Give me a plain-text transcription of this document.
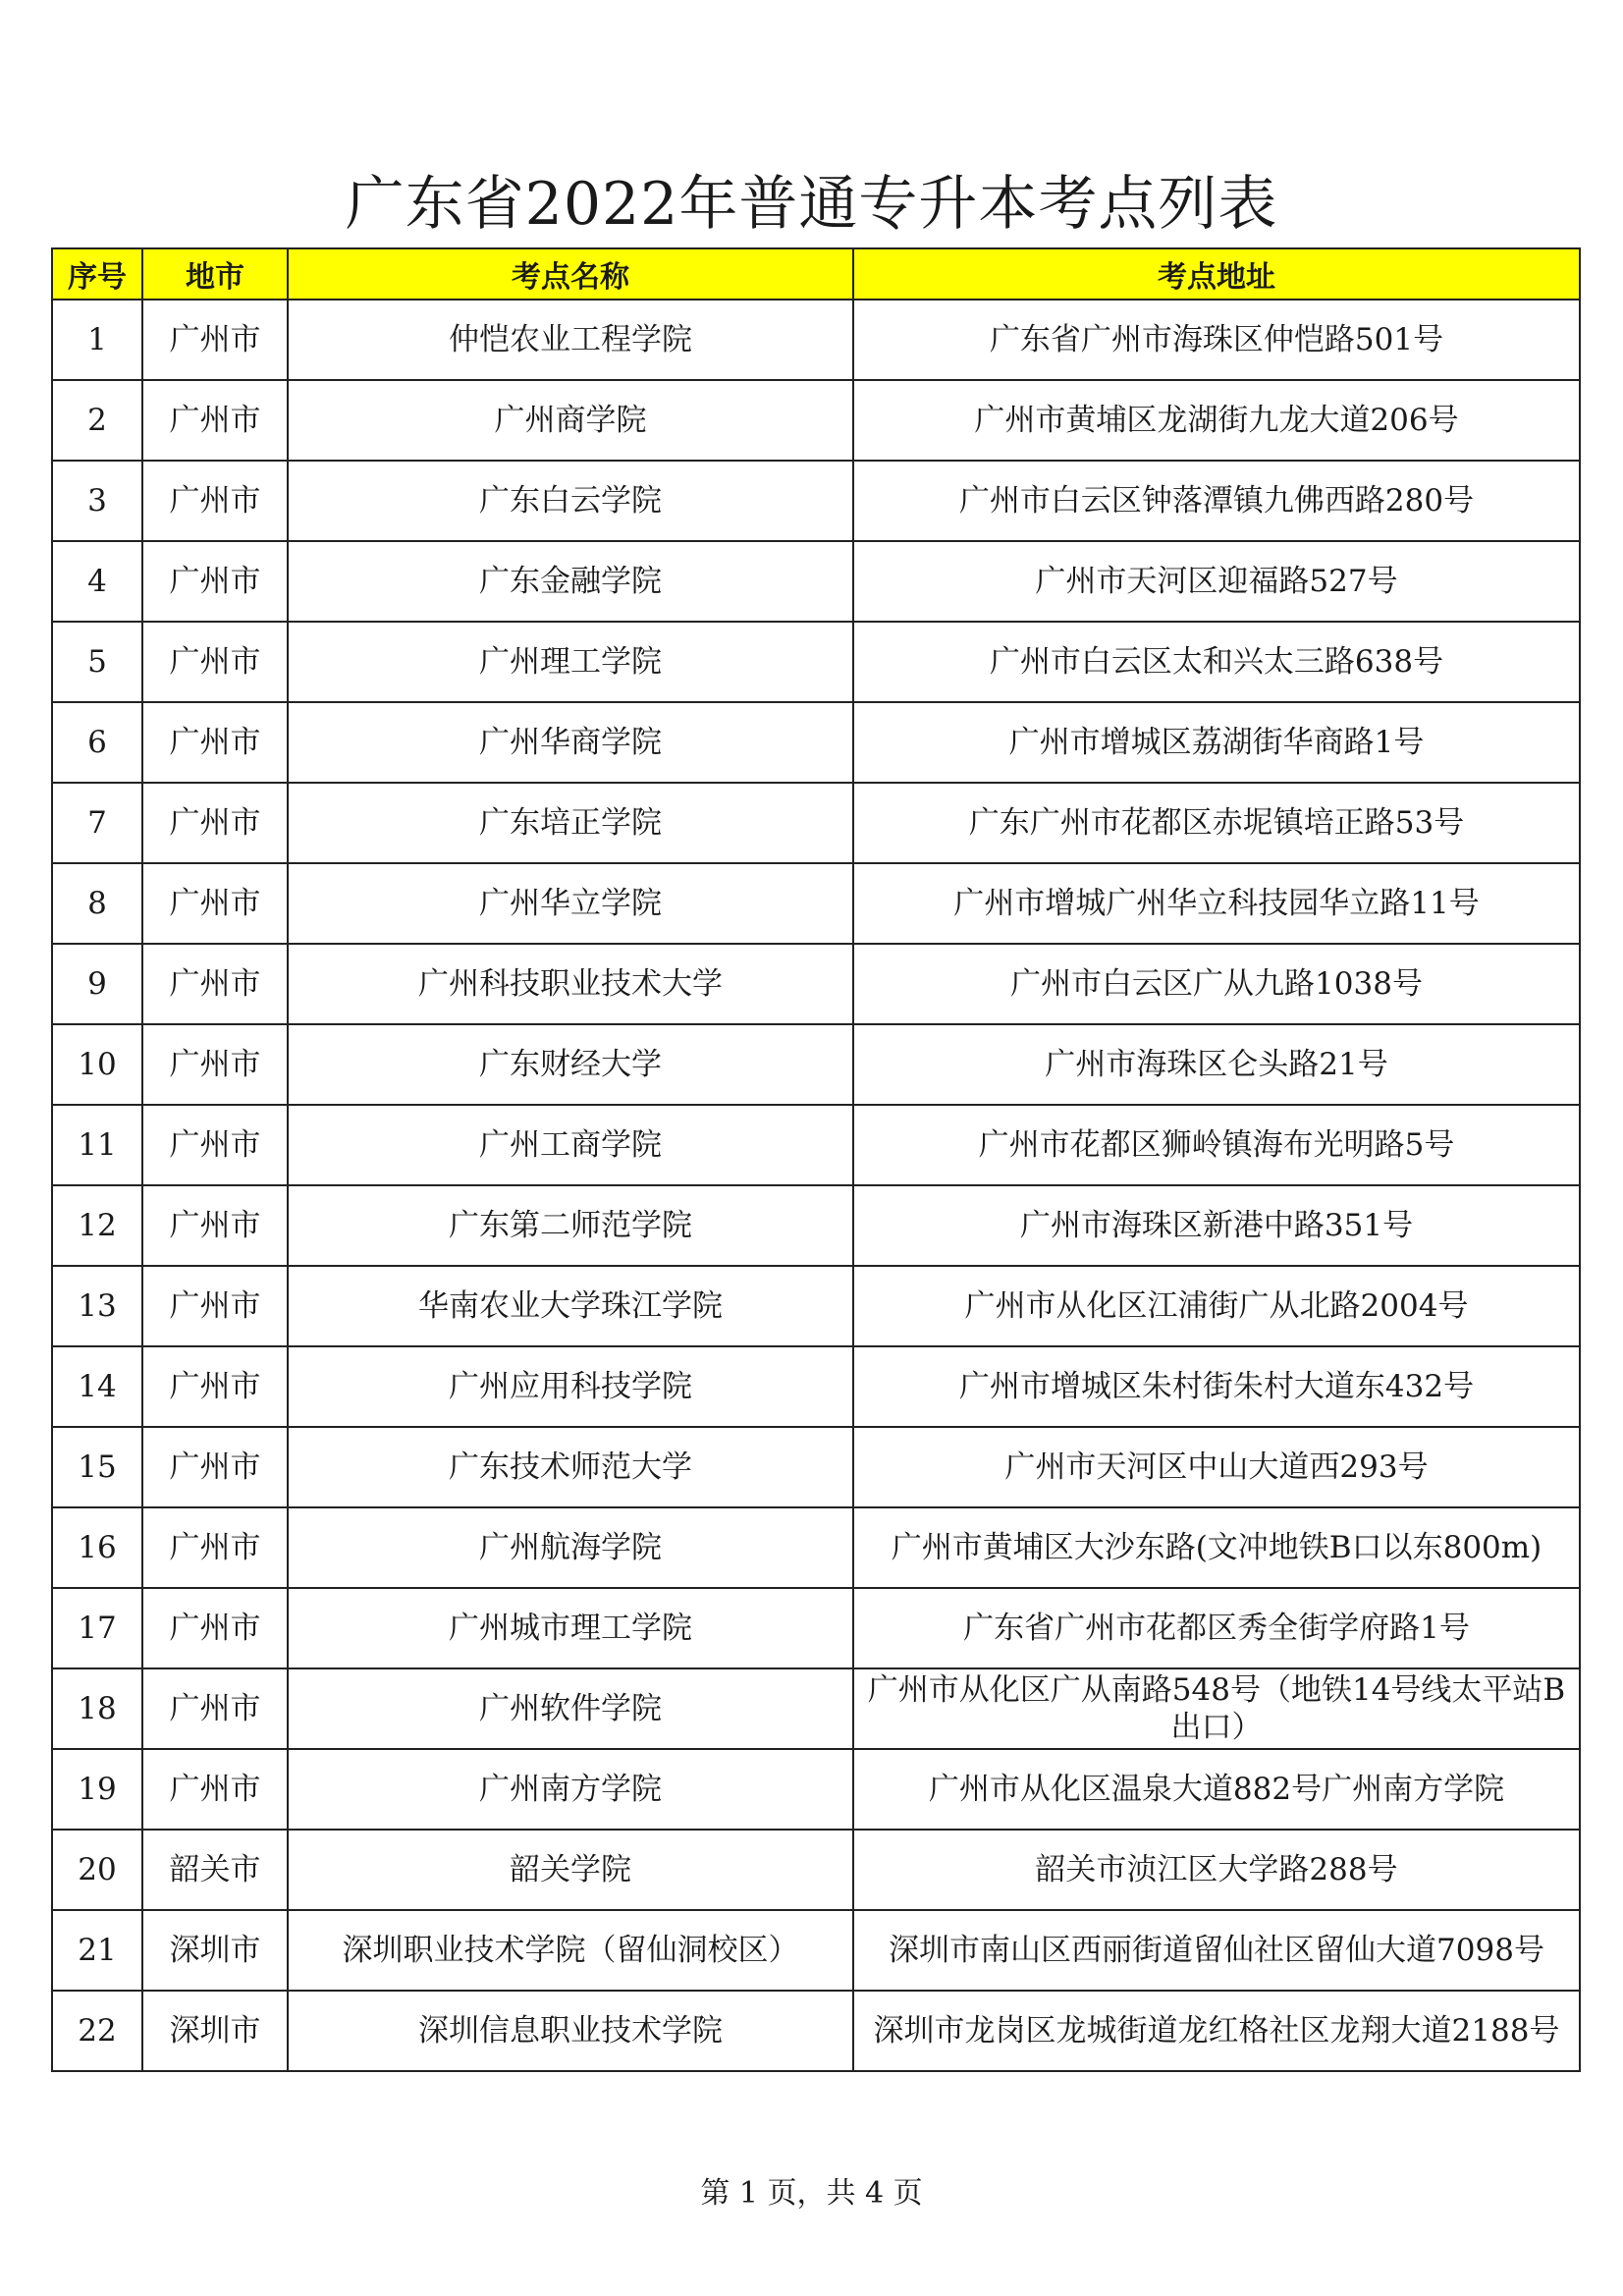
广东省2022年普通专升本考点列表
序号	地市	考点名称	考点地址
1	广州市	仲恺农业工程学院	广东省广州市海珠区仲恺路501号
2	广州市	广州商学院	广州市黄埔区龙湖街九龙大道206号
3	广州市	广东白云学院	广州市白云区钟落潭镇九佛西路280号
4	广州市	广东金融学院	广州市天河区迎福路527号
5	广州市	广州理工学院	广州市白云区太和兴太三路638号
6	广州市	广州华商学院	广州市增城区荔湖街华商路1号
7	广州市	广东培正学院	广东广州市花都区赤坭镇培正路53号
8	广州市	广州华立学院	广州市增城广州华立科技园华立路11号
9	广州市	广州科技职业技术大学	广州市白云区广从九路1038号
10	广州市	广东财经大学	广州市海珠区仑头路21号
11	广州市	广州工商学院	广州市花都区狮岭镇海布光明路5号
12	广州市	广东第二师范学院	广州市海珠区新港中路351号
13	广州市	华南农业大学珠江学院	广州市从化区江浦街广从北路2004号
14	广州市	广州应用科技学院	广州市增城区朱村街朱村大道东432号
15	广州市	广东技术师范大学	广州市天河区中山大道西293号
16	广州市	广州航海学院	广州市黄埔区大沙东路(文冲地铁B口以东800m)
17	广州市	广州城市理工学院	广东省广州市花都区秀全街学府路1号
18	广州市	广州软件学院	广州市从化区广从南路548号（地铁14号线太平站B出口）
19	广州市	广州南方学院	广州市从化区温泉大道882号广州南方学院
20	韶关市	韶关学院	韶关市浈江区大学路288号
21	深圳市	深圳职业技术学院（留仙洞校区）	深圳市南山区西丽街道留仙社区留仙大道7098号
22	深圳市	深圳信息职业技术学院	深圳市龙岗区龙城街道龙红格社区龙翔大道2188号
第 1 页，共 4 页
